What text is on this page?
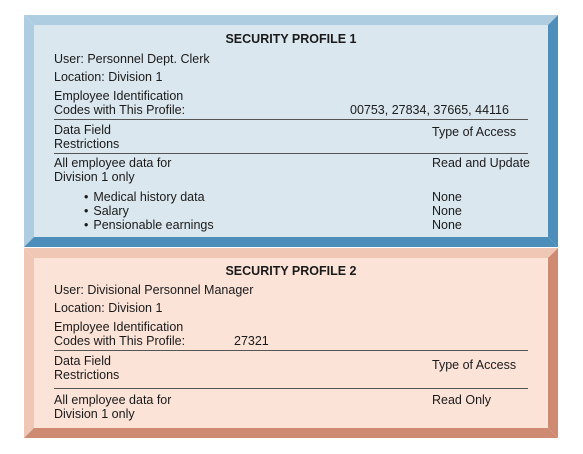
SECURITY PROFILE 1
User: Personnel Dept. Clerk
Location: Division 1
Employee Identification
Codes with This Profile:	00753, 27834, 37665, 44116
Data Field
Restrictions
Type of Access
All employee data for
Division 1 only
Read and Update
• Medical history data
• Salary
• Pensionable earnings
None
None
None
SECURITY PROFILE 2
User: Divisional Personnel Manager
Location: Division 1
Employee Identification
Codes with This Profile:	27321
Data Field
Restrictions
Type of Access
All employee data for
Division 1 only
Read Only
